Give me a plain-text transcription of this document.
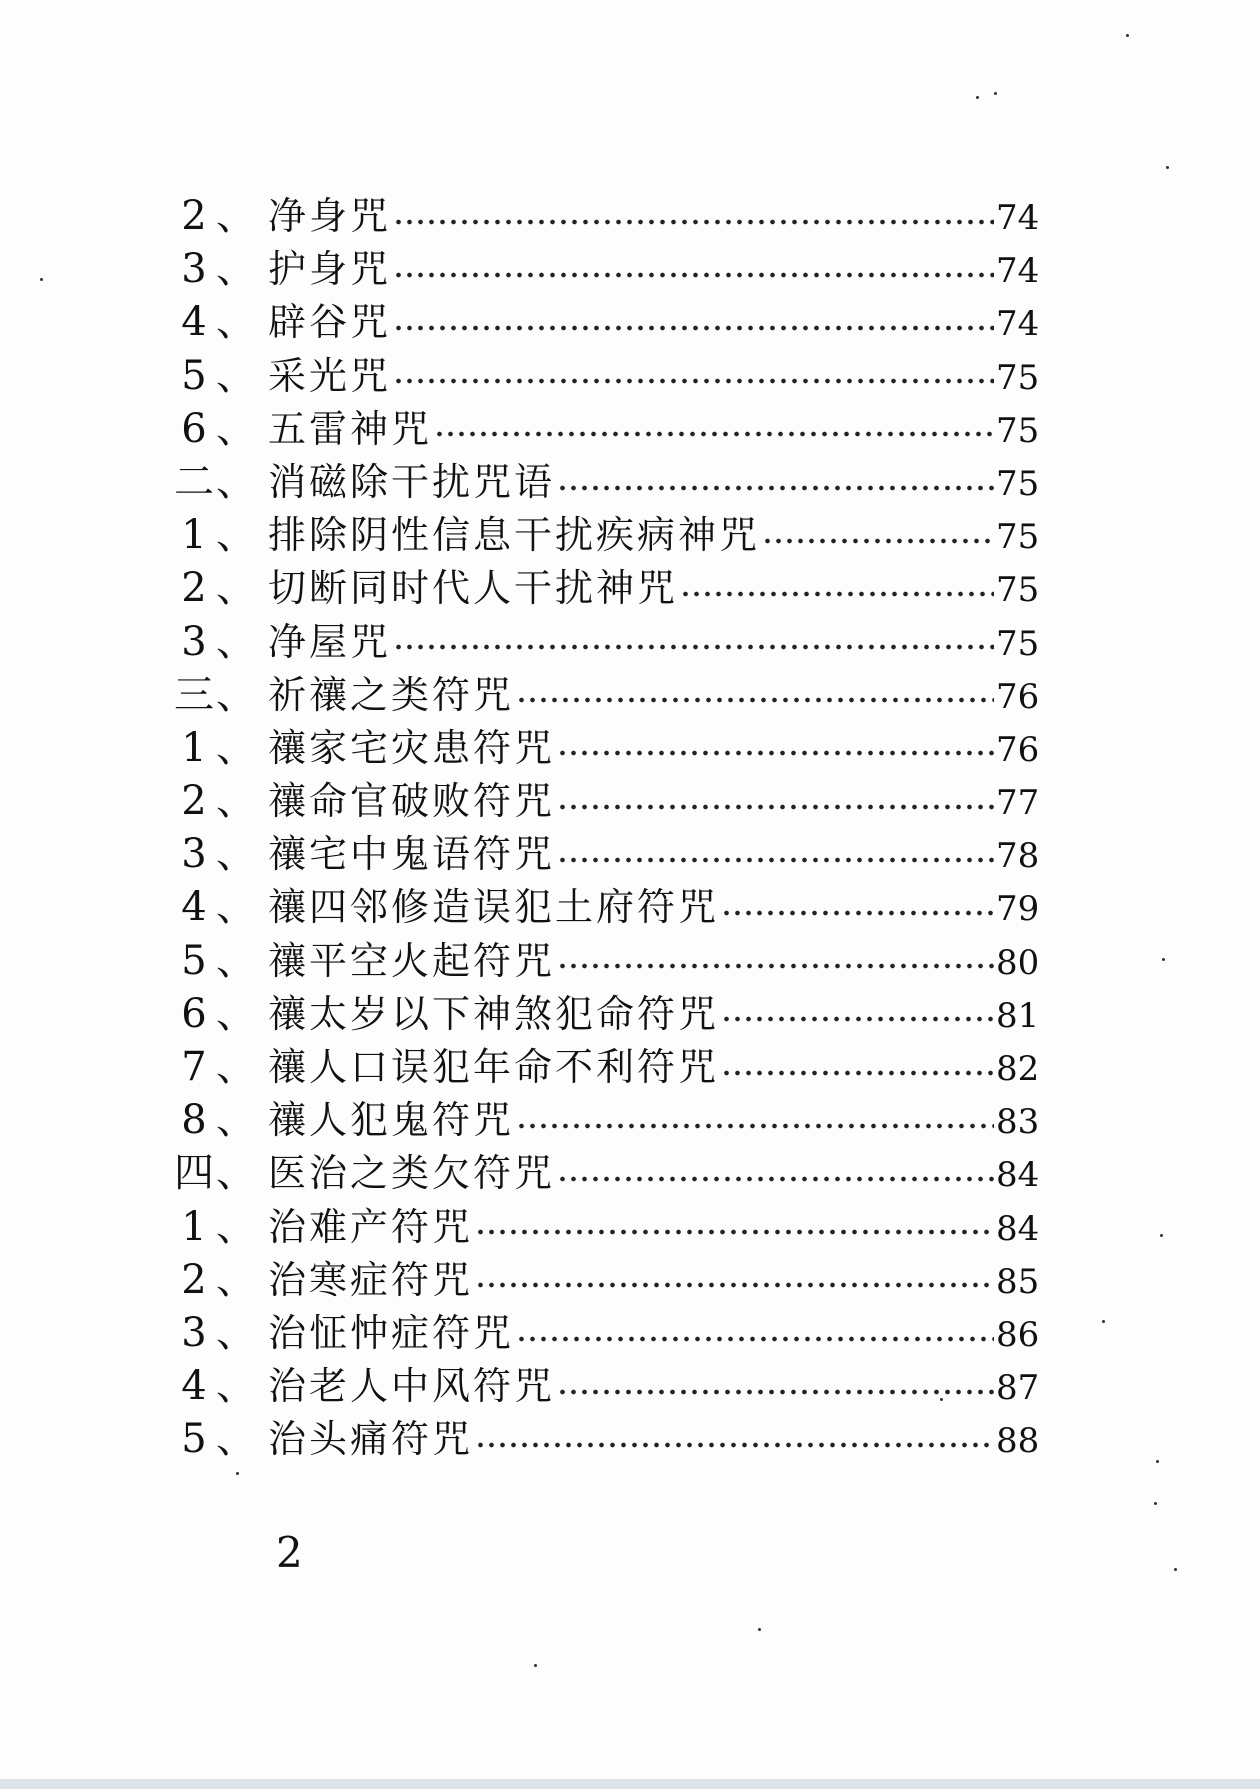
2 、 净身咒	74
3 、 护身咒	74
4 、 辟谷咒	74
5 、 采光咒	75
6 、 五雷神咒	75
二 、 消磁除干扰咒语	75
1 、 排除阴性信息干扰疾病神咒	75
2 、 切断同时代人干扰神咒	75
3 、 净屋咒	75
三 、 祈禳之类符咒	76
1 、 禳家宅灾患符咒	76
2 、 禳命官破败符咒	77
3 、 禳宅中鬼语符咒	78
4 、 禳四邻修造误犯土府符咒	79
5 、 禳平空火起符咒	80
6 、 禳太岁以下神煞犯命符咒	81
7 、 禳人口误犯年命不利符咒	82
8 、 禳人犯鬼符咒	83
四 、 医治之类欠符咒	84
1 、 治难产符咒	84
2 、 治寒症符咒	85
3 、 治怔忡症符咒	86
4 、 治老人中风符咒	87
5 、 治头痛符咒	88
2
